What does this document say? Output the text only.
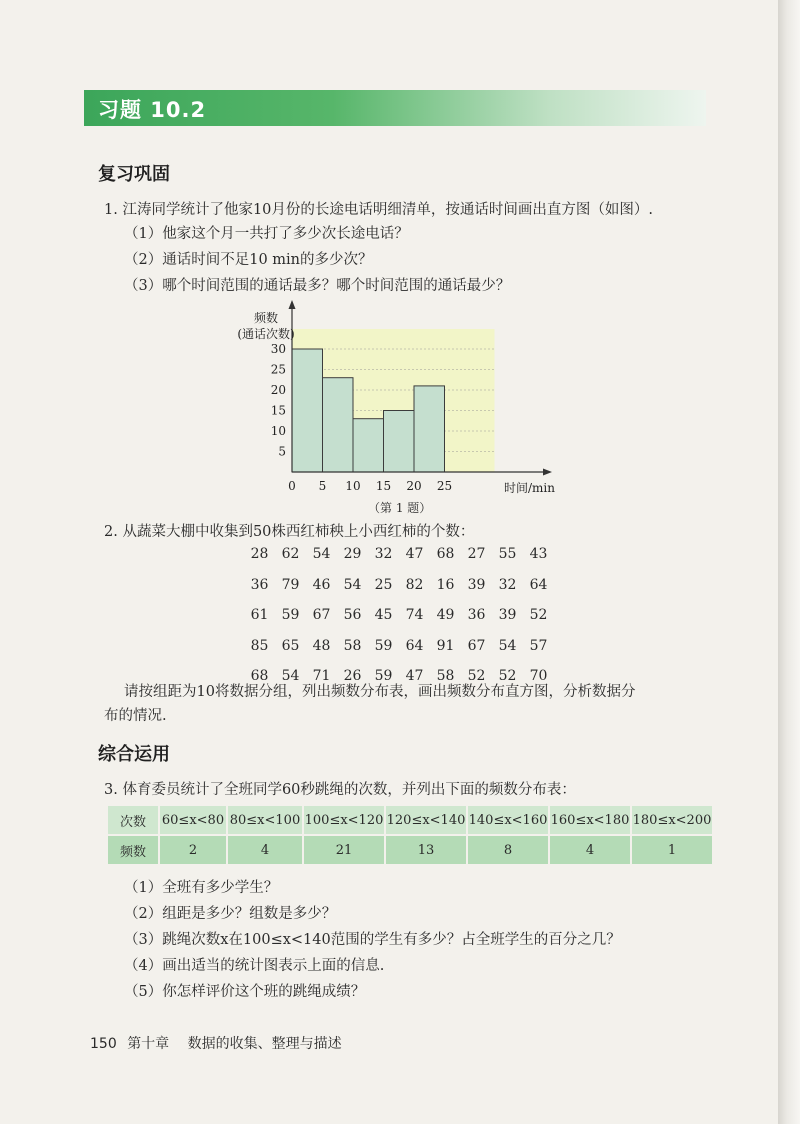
习题 10.2
复习巩固
1. 江涛同学统计了他家10月份的长途电话明细清单，按通话时间画出直方图（如图）.
（1）他家这个月一共打了多少次长途电话？
（2）通话时间不足10 min的多少次？
（3）哪个时间范围的通话最多？哪个时间范围的通话最少？
5
10
15
20
25
30
0 5 10 15 20 25
频数
(通话次数)
时间/min
（第 1 题）
2. 从蔬菜大棚中收集到50株西红柿秧上小西红柿的个数：
28 62 54 29 32 47 68 27 55 43
36 79 46 54 25 82 16 39 32 64
61 59 67 56 45 74 49 36 39 52
85 65 48 58 59 64 91 67 54 57
68 54 71 26 59 47 58 52 52 70
请按组距为10将数据分组，列出频数分布表，画出频数分布直方图，分析数据分
布的情况.
综合运用
3. 体育委员统计了全班同学60秒跳绳的次数，并列出下面的频数分布表：
次数	60≤x<80	80≤x<100	100≤x<120	120≤x<140	140≤x<160	160≤x<180	180≤x<200
频数	2	4	21	13	8	4	1
（1）全班有多少学生？
（2）组距是多少？组数是多少？
（3）跳绳次数x在100≤x<140范围的学生有多少？占全班学生的百分之几？
（4）画出适当的统计图表示上面的信息.
（5）你怎样评价这个班的跳绳成绩？
150 第十章 数据的收集、整理与描述
